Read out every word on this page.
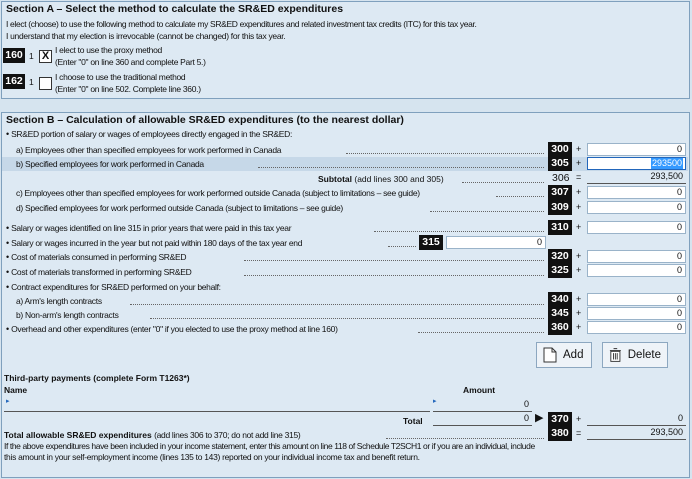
Section A – Select the method to calculate the SR&ED expenditures
I elect (choose) to use the following method to calculate my SR&ED expenditures and related investment tax credits (ITC) for this tax year.
I understand that my election is irrevocable (cannot be changed) for this tax year.
160 1 X I elect to use the proxy method
(Enter "0" on line 360 and complete Part 5.)
162 1	I choose to use the traditional method
(Enter "0" on line 502. Complete line 360.)
Section B – Calculation of allowable SR&ED expenditures (to the nearest dollar)
• SR&ED portion of salary or wages of employees directly engaged in the SR&ED:
a) Employees other than specified employees for work performed in Canada	300 +	0
b) Specified employees for work performed in Canada	305 +	293500
Subtotal (add lines 300 and 305)	306 =	293,500
c) Employees other than specified employees for work performed outside Canada (subject to limitations – see guide)	307 +	0
d) Specified employees for work performed outside Canada (subject to limitations – see guide)	309 +	0
• Salary or wages identified on line 315 in prior years that were paid in this tax year	310 +	0
• Salary or wages incurred in the year but not paid within 180 days of the tax year end	315	0
• Cost of materials consumed in performing SR&ED	320 +	0
• Cost of materials transformed in performing SR&ED	325 +	0
• Contract expenditures for SR&ED performed on your behalf:
a) Arm's length contracts	340 +	0
b) Non-arm's length contracts	345 +	0
• Overhead and other expenditures (enter "0" if you elected to use the proxy method at line 160)	360 +	0
Add	Delete
Third-party payments (complete Form T1263*)
Name	Amount
▸	▸	0
Total	0 ▶ 370 +	0
Total allowable SR&ED expenditures (add lines 306 to 370; do not add line 315)	380 =	293,500
If the above expenditures have been included in your income statement, enter this amount on line 118 of Schedule T2SCH1 or if you are an individual, include
this amount in your self-employment income (lines 135 to 143) reported on your individual income tax and benefit return.
